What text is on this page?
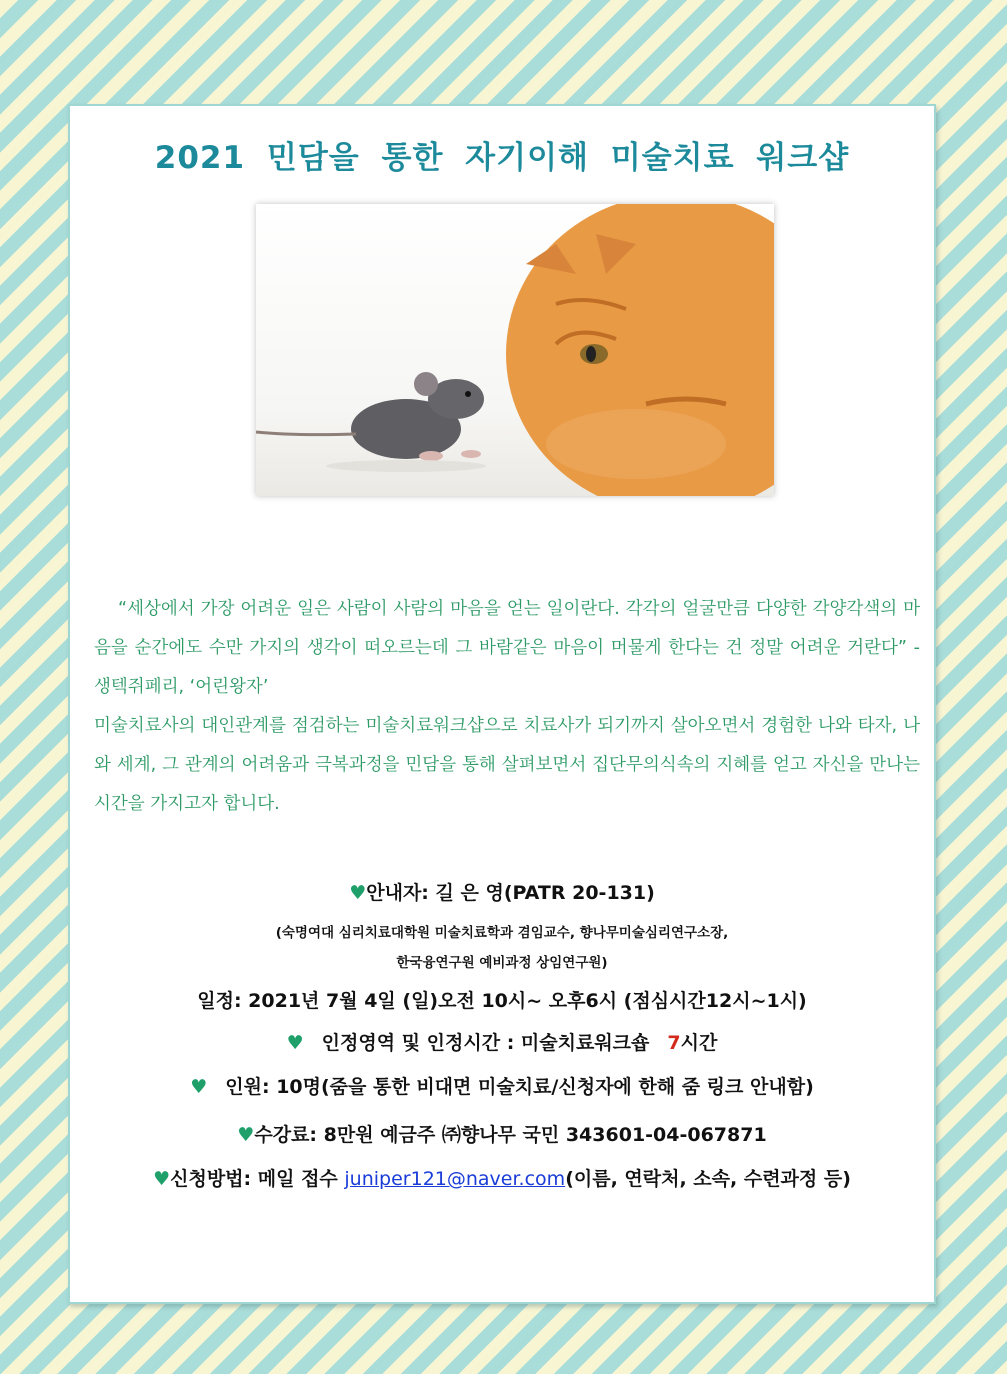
2021 민담을 통한 자기이해 미술치료 워크샵

“세상에서 가장 어려운 일은 사람이 사람의 마음을 얻는 일이란다. 각각의 얼굴만큼 다양한 각양각색의 마음을 순간에도 수만 가지의 생각이 떠오르는데 그 바람같은 마음이 머물게 한다는 건 정말 어려운 거란다” - 생텍쥐페리, ‘어린왕자’

미술치료사의 대인관계를 점검하는 미술치료워크샵으로 치료사가 되기까지 살아오면서 경험한 나와 타자, 나와 세계, 그 관계의 어려움과 극복과정을 민담을 통해 살펴보면서 집단무의식속의 지혜를 얻고 자신을 만나는 시간을 가지고자 합니다.

♥안내자: 길 은 영(PATR 20-131)
(숙명여대 심리치료대학원 미술치료학과 겸임교수, 향나무미술심리연구소장,
한국융연구원 예비과정 상임연구원)
일정: 2021년 7월 4일 (일)오전 10시~ 오후6시 (점심시간12시~1시)
♥ 인정영역 및 인정시간 : 미술치료워크숍 7시간
♥ 인원: 10명(줌을 통한 비대면 미술치료/신청자에 한해 줌 링크 안내함)
♥수강료: 8만원 예금주 ㈜향나무 국민 343601-04-067871
♥신청방법: 메일 접수 juniper121@naver.com(이름, 연락처, 소속, 수련과정 등)
